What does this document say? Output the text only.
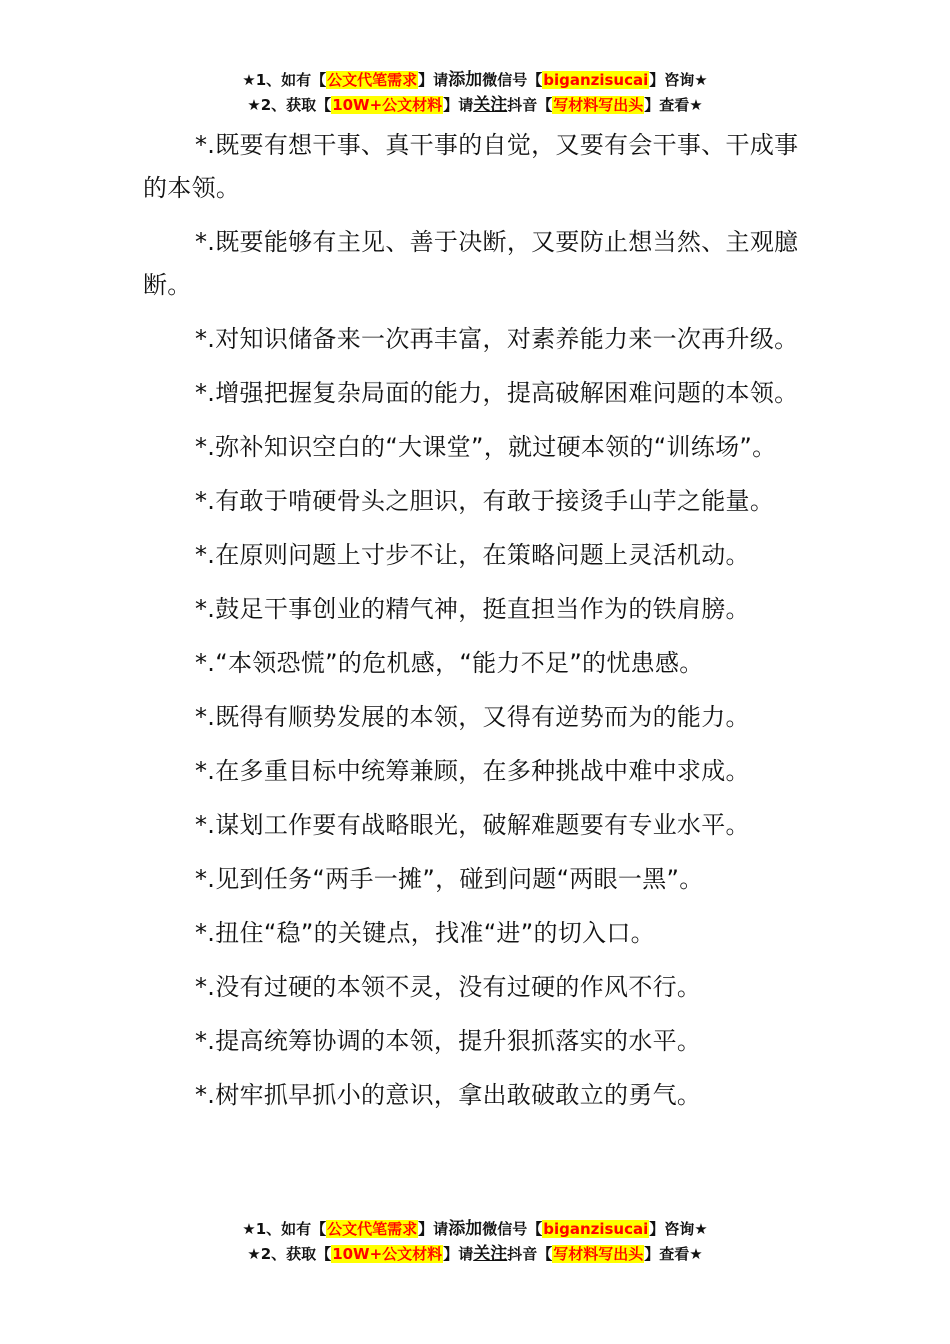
★1、如有【公文代笔需求】请添加微信号【biganzisucai】咨询★
★2、获取【10W+公文材料】请关注抖音【写材料写出头】查看★

*.既要有想干事、真干事的自觉，又要有会干事、干成事的本领。

*.既要能够有主见、善于决断，又要防止想当然、主观臆断。

*.对知识储备来一次再丰富，对素养能力来一次再升级。

*.增强把握复杂局面的能力，提高破解困难问题的本领。

*.弥补知识空白的“大课堂”，就过硬本领的“训练场”。

*.有敢于啃硬骨头之胆识，有敢于接烫手山芋之能量。

*.在原则问题上寸步不让，在策略问题上灵活机动。

*.鼓足干事创业的精气神，挺直担当作为的铁肩膀。

*.“本领恐慌”的危机感，“能力不足”的忧患感。

*.既得有顺势发展的本领，又得有逆势而为的能力。

*.在多重目标中统筹兼顾，在多种挑战中难中求成。

*.谋划工作要有战略眼光，破解难题要有专业水平。

*.见到任务“两手一摊”，碰到问题“两眼一黑”。

*.扭住“稳”的关键点，找准“进”的切入口。

*.没有过硬的本领不灵，没有过硬的作风不行。

*.提高统筹协调的本领，提升狠抓落实的水平。

*.树牢抓早抓小的意识，拿出敢破敢立的勇气。

★1、如有【公文代笔需求】请添加微信号【biganzisucai】咨询★
★2、获取【10W+公文材料】请关注抖音【写材料写出头】查看★
